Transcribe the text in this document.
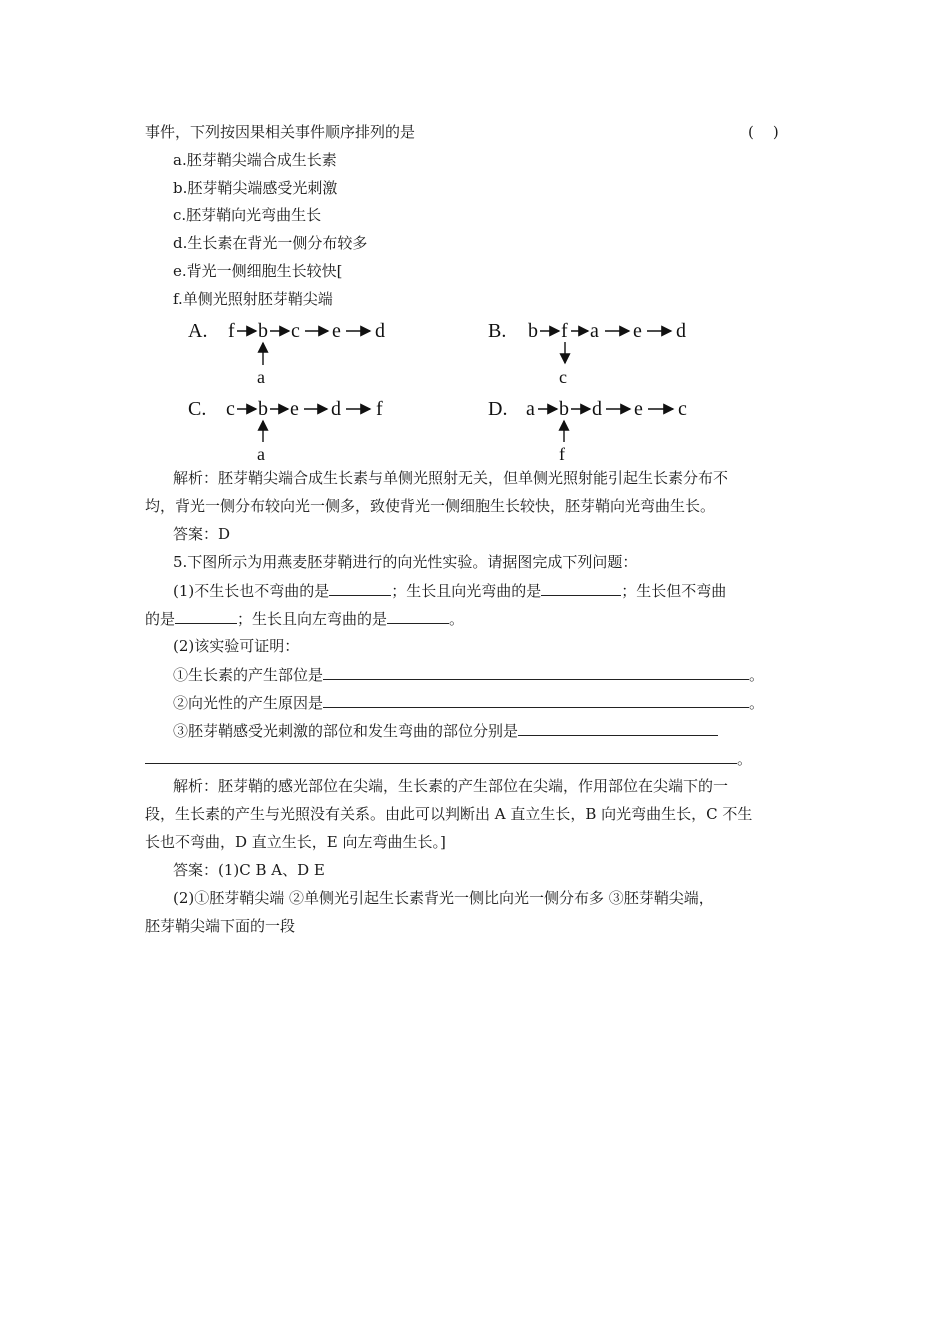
事件，下列按因果相关事件顺序排列的是	(    )
a.胚芽鞘尖端合成生长素
b.胚芽鞘尖端感受光刺激
c.胚芽鞘向光弯曲生长
d.生长素在背光一侧分布较多
e.背光一侧细胞生长较快[
f.单侧光照射胚芽鞘尖端
A. f b c e d
a
B. b f a e d
c
C. c b e d f
a
D. a b d e c
f
解析：胚芽鞘尖端合成生长素与单侧光照射无关，但单侧光照射能引起生长素分布不
均，背光一侧分布较向光一侧多，致使背光一侧细胞生长较快，胚芽鞘向光弯曲生长。
答案：D
5.下图所示为用燕麦胚芽鞘进行的向光性实验。请据图完成下列问题：
(1)不生长也不弯曲的是	；生长且向光弯曲的是	；生长但不弯曲
的是	；生长且向左弯曲的是	。
(2)该实验可证明：
①生长素的产生部位是	。
②向光性的产生原因是	。
③胚芽鞘感受光刺激的部位和发生弯曲的部位分别是
。
解析：胚芽鞘的感光部位在尖端，生长素的产生部位在尖端，作用部位在尖端下的一
段，生长素的产生与光照没有关系。由此可以判断出 A 直立生长，B 向光弯曲生长，C 不生
长也不弯曲，D 直立生长，E 向左弯曲生长。]
答案：(1)C B A、D E
(2)①胚芽鞘尖端 ②单侧光引起生长素背光一侧比向光一侧分布多 ③胚芽鞘尖端，
胚芽鞘尖端下面的一段
